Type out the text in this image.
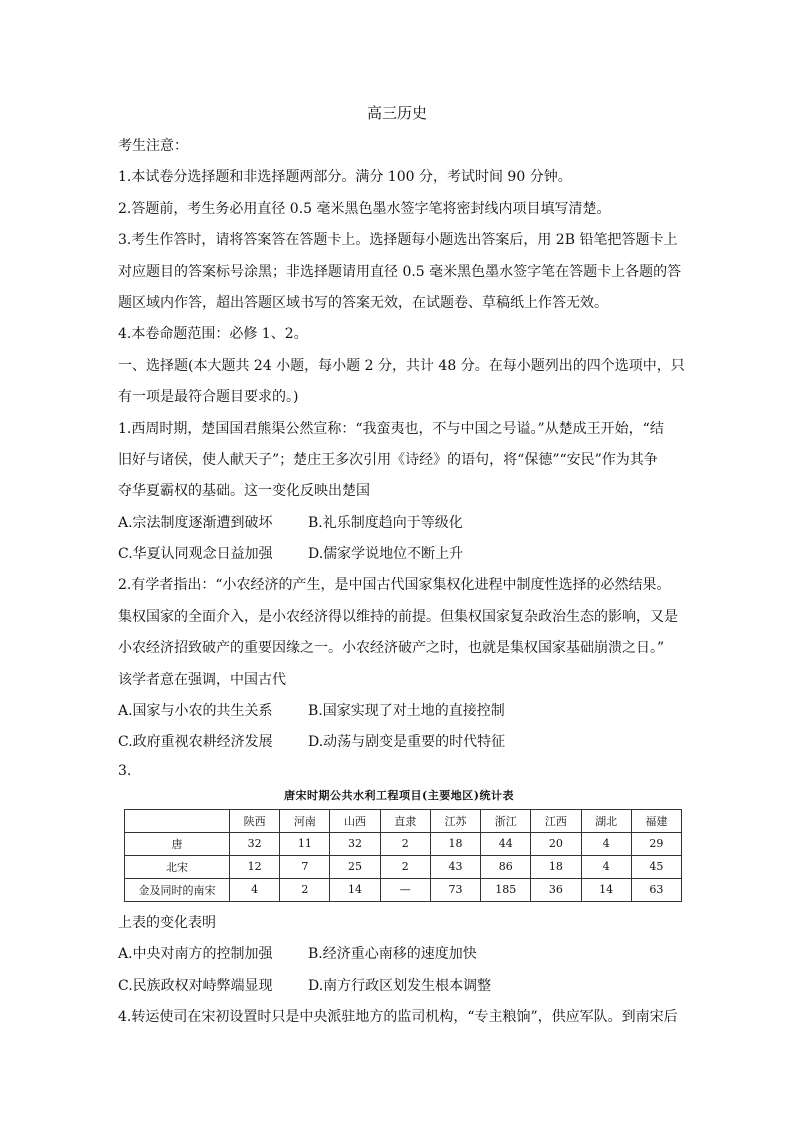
高三历史
考生注意：
1.本试卷分选择题和非选择题两部分。满分 100 分，考试时间 90 分钟。
2.答题前，考生务必用直径 0.5 毫米黑色墨水签字笔将密封线内项目填写清楚。
3.考生作答时，请将答案答在答题卡上。选择题每小题选出答案后，用 2B 铅笔把答题卡上
对应题目的答案标号涂黑；非选择题请用直径 0.5 毫米黑色墨水签字笔在答题卡上各题的答
题区域内作答，超出答题区域书写的答案无效，在试题卷、草稿纸上作答无效。
4.本卷命题范围：必修 1、2。
一、选择题(本大题共 24 小题，每小题 2 分，共计 48 分。在每小题列出的四个选项中，只
有一项是最符合题目要求的。)
1.西周时期，楚国国君熊渠公然宣称：“我蛮夷也，不与中国之号谥。”从楚成王开始，“结
旧好与诸侯，使人献天子”；楚庄王多次引用《诗经》的语句，将“保德”“安民”作为其争
夺华夏霸权的基础。这一变化反映出楚国
A.宗法制度逐渐遭到破坏	B.礼乐制度趋向于等级化
C.华夏认同观念日益加强	D.儒家学说地位不断上升
2.有学者指出：“小农经济的产生，是中国古代国家集权化进程中制度性选择的必然结果。
集权国家的全面介入，是小农经济得以维持的前提。但集权国家复杂政治生态的影响，又是
小农经济招致破产的重要因缘之一。小农经济破产之时，也就是集权国家基础崩溃之日。”
该学者意在强调，中国古代
A.国家与小农的共生关系	B.国家实现了对土地的直接控制
C.政府重视农耕经济发展	D.动荡与剧变是重要的时代特征
3.
唐宋时期公共水利工程项目(主要地区)统计表
	陕西	河南	山西	直隶	江苏	浙江	江西	湖北	福建
唐	32	11	32	2	18	44	20	4	29
北宋	12	7	25	2	43	86	18	4	45
金及同时的南宋	4	2	14	—	73	185	36	14	63
上表的变化表明
A.中央对南方的控制加强	B.经济重心南移的速度加快
C.民族政权对峙弊端显现	D.南方行政区划发生根本调整
4.转运使司在宋初设置时只是中央派驻地方的监司机构，“专主粮饷”，供应军队。到南宋后
